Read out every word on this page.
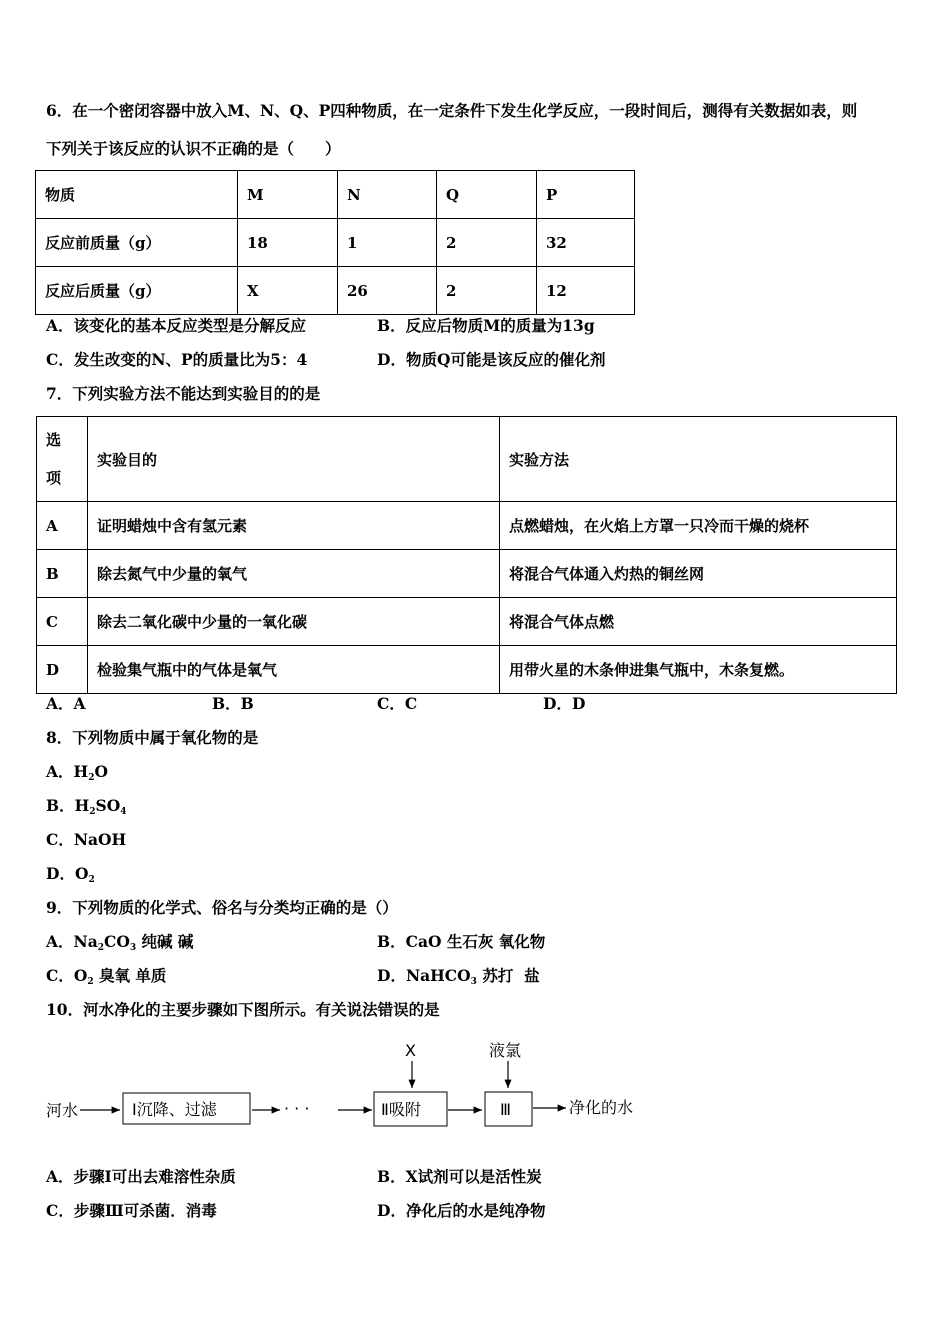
6．在一个密闭容器中放入M、N、Q、P四种物质，在一定条件下发生化学反应，一段时间后，测得有关数据如表，则
下列关于该反应的认识不正确的是（　　）
物质	M	N	Q	P
反应前质量（g）	18	1	2	32
反应后质量（g）	X	26	2	12
A．该变化的基本反应类型是分解反应	B．反应后物质M的质量为13g
C．发生改变的N、P的质量比为5：4	D．物质Q可能是该反应的催化剂
7．下列实验方法不能达到实验目的的是
选
项	实验目的	实验方法
A	证明蜡烛中含有氢元素	点燃蜡烛，在火焰上方罩一只冷而干燥的烧杯
B	除去氮气中少量的氧气	将混合气体通入灼热的铜丝网
C	除去二氧化碳中少量的一氧化碳	将混合气体点燃
D	检验集气瓶中的气体是氧气	用带火星的木条伸进集气瓶中，木条复燃。
A．A	B．B	C．C	D．D
8．下列物质中属于氧化物的是
A．$H_2O$
B．$H_2SO_4$
C．NaOH
D．$O_2$
9．下列物质的化学式、俗名与分类均正确的是（）
A．$Na_2CO_3$ 纯碱 碱	B．CaO 生石灰 氧化物
C．$O_2$ 臭氧 单质	D．NaHCO$_3$ 苏打  盐
10．河水净化的主要步骤如下图所示。有关说法错误的是
河水	Ⅰ沉降、过滤	· · ·	Ⅱ吸附	Ⅲ	净化的水
X	液氯
A．步骤Ⅰ可出去难溶性杂质	B．X试剂可以是活性炭
C．步骤Ⅲ可杀菌．消毒	D．净化后的水是纯净物
